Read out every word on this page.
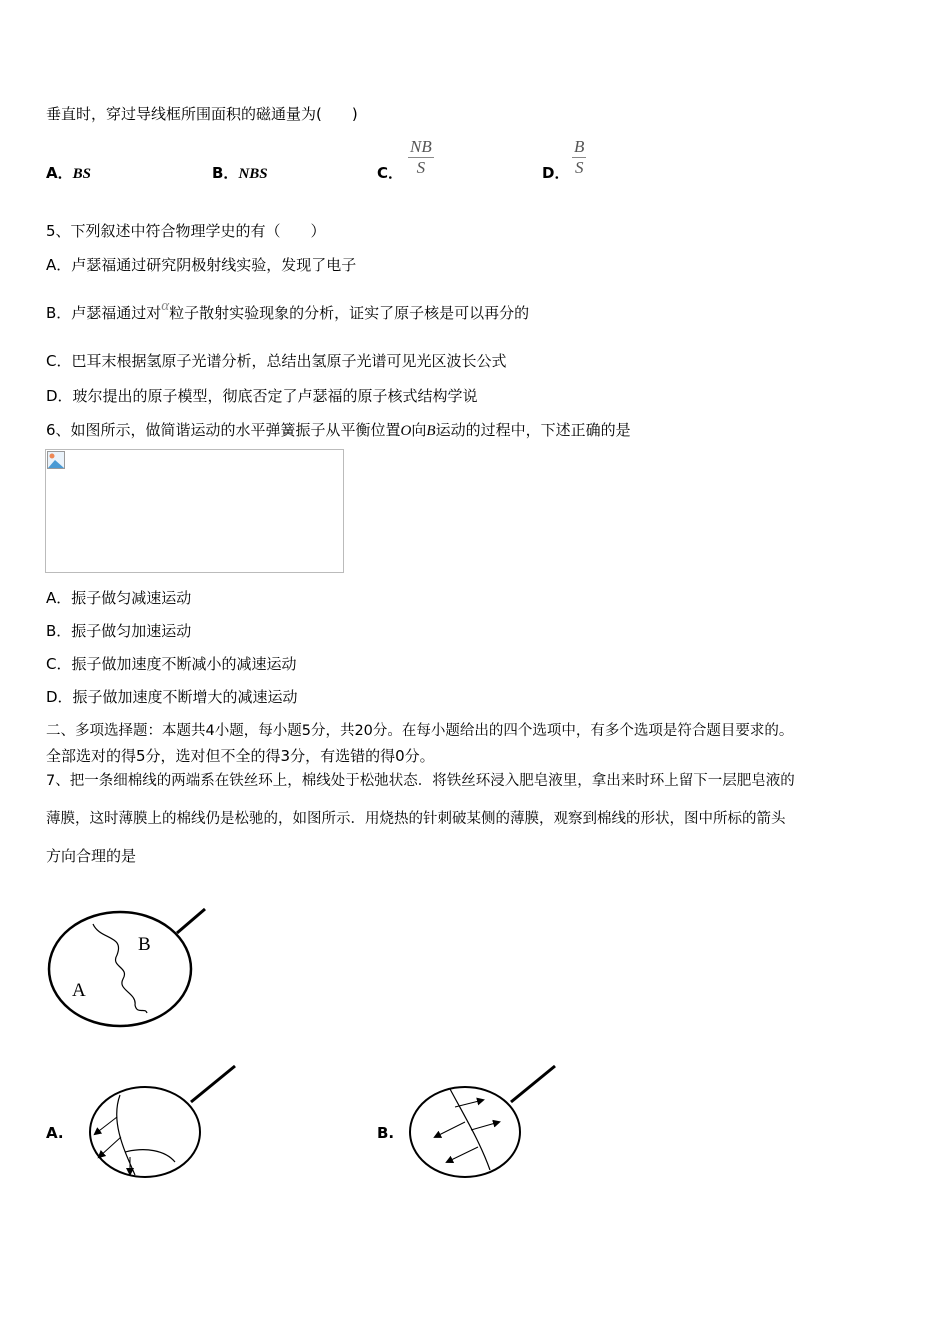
垂直时，穿过导线框所围面积的磁通量为(　　)
A．BS	B．NBS	C． $\frac{NB}{S}$	D． $\frac{B}{S}$
5、下列叙述中符合物理学史的有（　　）
A．卢瑟福通过研究阴极射线实验，发现了电子
B．卢瑟福通过对α粒子散射实验现象的分析，证实了原子核是可以再分的
C．巴耳末根据氢原子光谱分析，总结出氢原子光谱可见光区波长公式
D．玻尔提出的原子模型，彻底否定了卢瑟福的原子核式结构学说
6、如图所示，做简谐运动的水平弹簧振子从平衡位置O向B运动的过程中，下述正确的是
A．振子做匀减速运动
B．振子做匀加速运动
C．振子做加速度不断减小的减速运动
D．振子做加速度不断增大的减速运动
二、多项选择题：本题共4小题，每小题5分，共20分。在每小题给出的四个选项中，有多个选项是符合题目要求的。
全部选对的得5分，选对但不全的得3分，有选错的得0分。
7、把一条细棉线的两端系在铁丝环上，棉线处于松弛状态．将铁丝环浸入肥皂液里，拿出来时环上留下一层肥皂液的
薄膜，这时薄膜上的棉线仍是松驰的，如图所示．用烧热的针刺破某侧的薄膜，观察到棉线的形状，图中所标的箭头
方向合理的是
B
A
A.	B.
